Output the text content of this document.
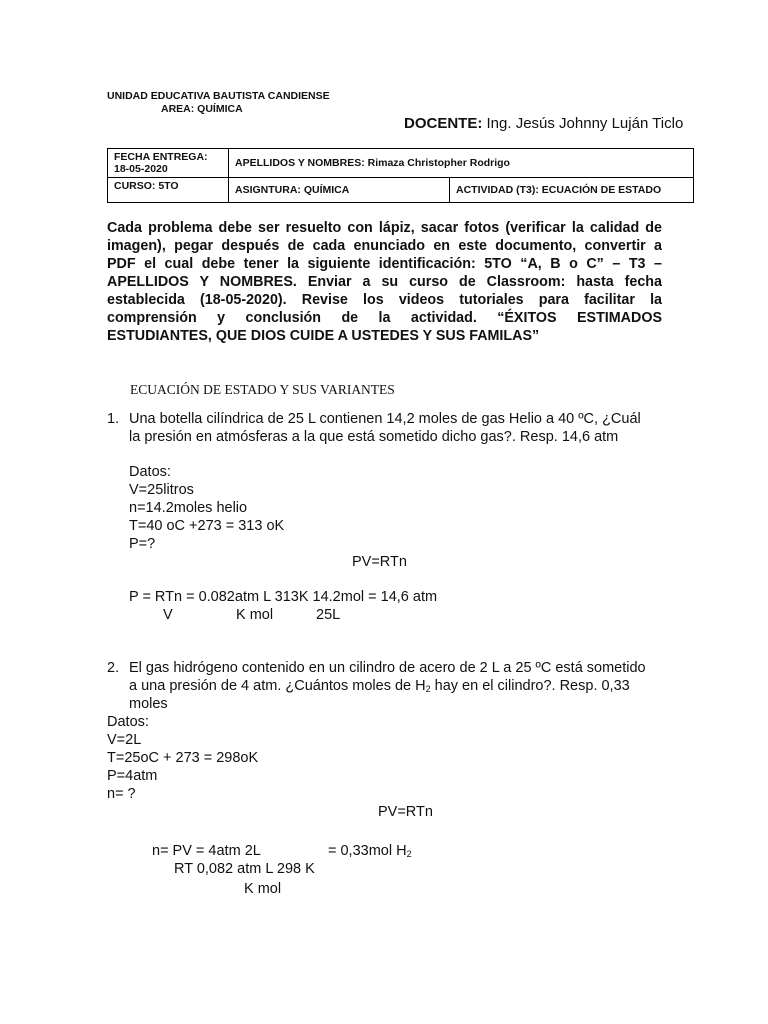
UNIDAD EDUCATIVA BAUTISTA CANDIENSE
AREA: QUÍMICA
DOCENTE: Ing. Jesús Johnny Luján Ticlo
FECHA ENTREGA: 18-05-2020	APELLIDOS Y NOMBRES: Rimaza Christopher Rodrigo	
CURSO: 5TO	ASIGNTURA: QUÍMICA	ACTIVIDAD (T3): ECUACIÓN DE ESTADO
Cada problema debe ser resuelto con lápiz, sacar fotos (verificar la calidad de
imagen), pegar después de cada enunciado en este documento, convertir a
PDF el cual debe tener la siguiente identificación: 5TO “A, B o C” – T3 –
APELLIDOS Y NOMBRES. Enviar a su curso de Classroom: hasta fecha
establecida (18-05-2020). Revise los videos tutoriales para facilitar la
comprensión y conclusión de la actividad. “ÉXITOS ESTIMADOS
ESTUDIANTES, QUE DIOS CUIDE A USTEDES Y SUS FAMILAS”
ECUACIÓN DE ESTADO Y SUS VARIANTES
1. Una botella cilíndrica de 25 L contienen 14,2 moles de gas Helio a 40 ºC, ¿Cuál
la presión en atmósferas a la que está sometido dicho gas?. Resp. 14,6 atm
Datos:
V=25litros
n=14.2moles helio
T=40 oC +273 = 313 oK
P=?
PV=RTn
P = RTn = 0.082atm L 313K 14.2mol = 14,6 atm
V	K mol	25L
2. El gas hidrógeno contenido en un cilindro de acero de 2 L a 25 ºC está sometido
a una presión de 4 atm. ¿Cuántos moles de $H_2$ hay en el cilindro?. Resp. 0,33
moles
Datos:
V=2L
T=25oC + 273 = 298oK
P=4atm
n= ?
PV=RTn
n= PV = 4atm 2L	= 0,33mol $H_2$
RT 0,082 atm L 298 K
K mol
